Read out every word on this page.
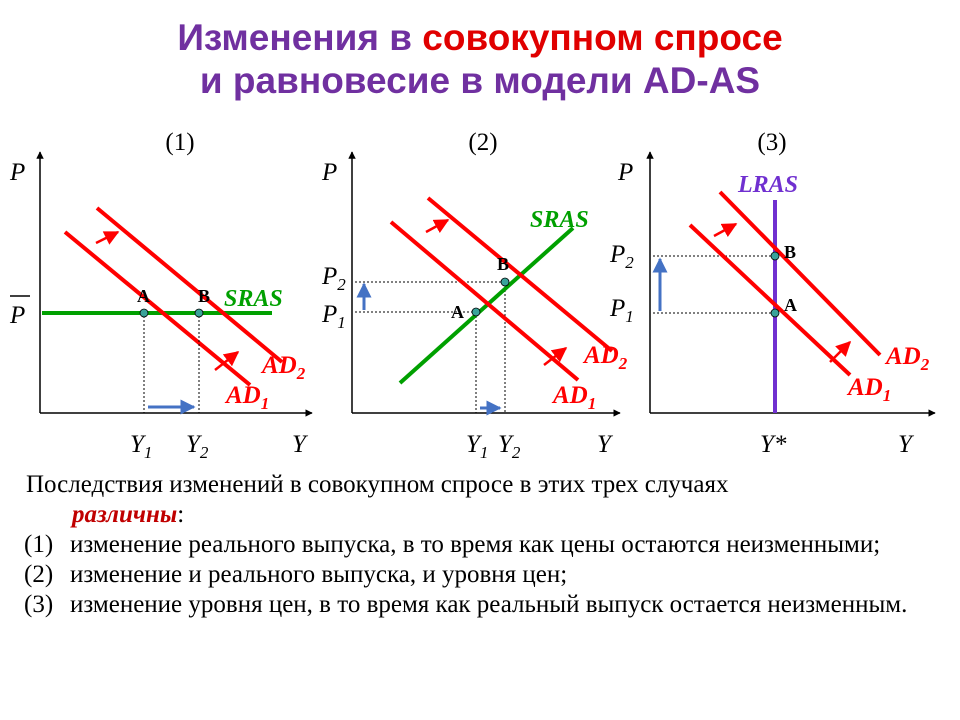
Изменения в совокупном спросе
и равновесие в модели AD-AS
(1)
P
Y
P
SRAS
A	B
$AD_2$
$AD_1$
$Y_1$ $Y_2$
(2)
P
Y
$P_2$
$P_1$
SRAS
A
B
$AD_2$
$AD_1$
$Y_1$ $Y_2$
(3)
P
Y
$P_2$
$P_1$
LRAS
A
B
$AD_2$
$AD_1$
Y*

Последствия изменений в совокупном спросе в этих трех случаях
различны:

(1) изменение реального выпуска, в то время как цены остаются неизменными;
(2) изменение и реального выпуска, и уровня цен;
(3) изменение уровня цен, в то время как реальный выпуск остается неизменным.
